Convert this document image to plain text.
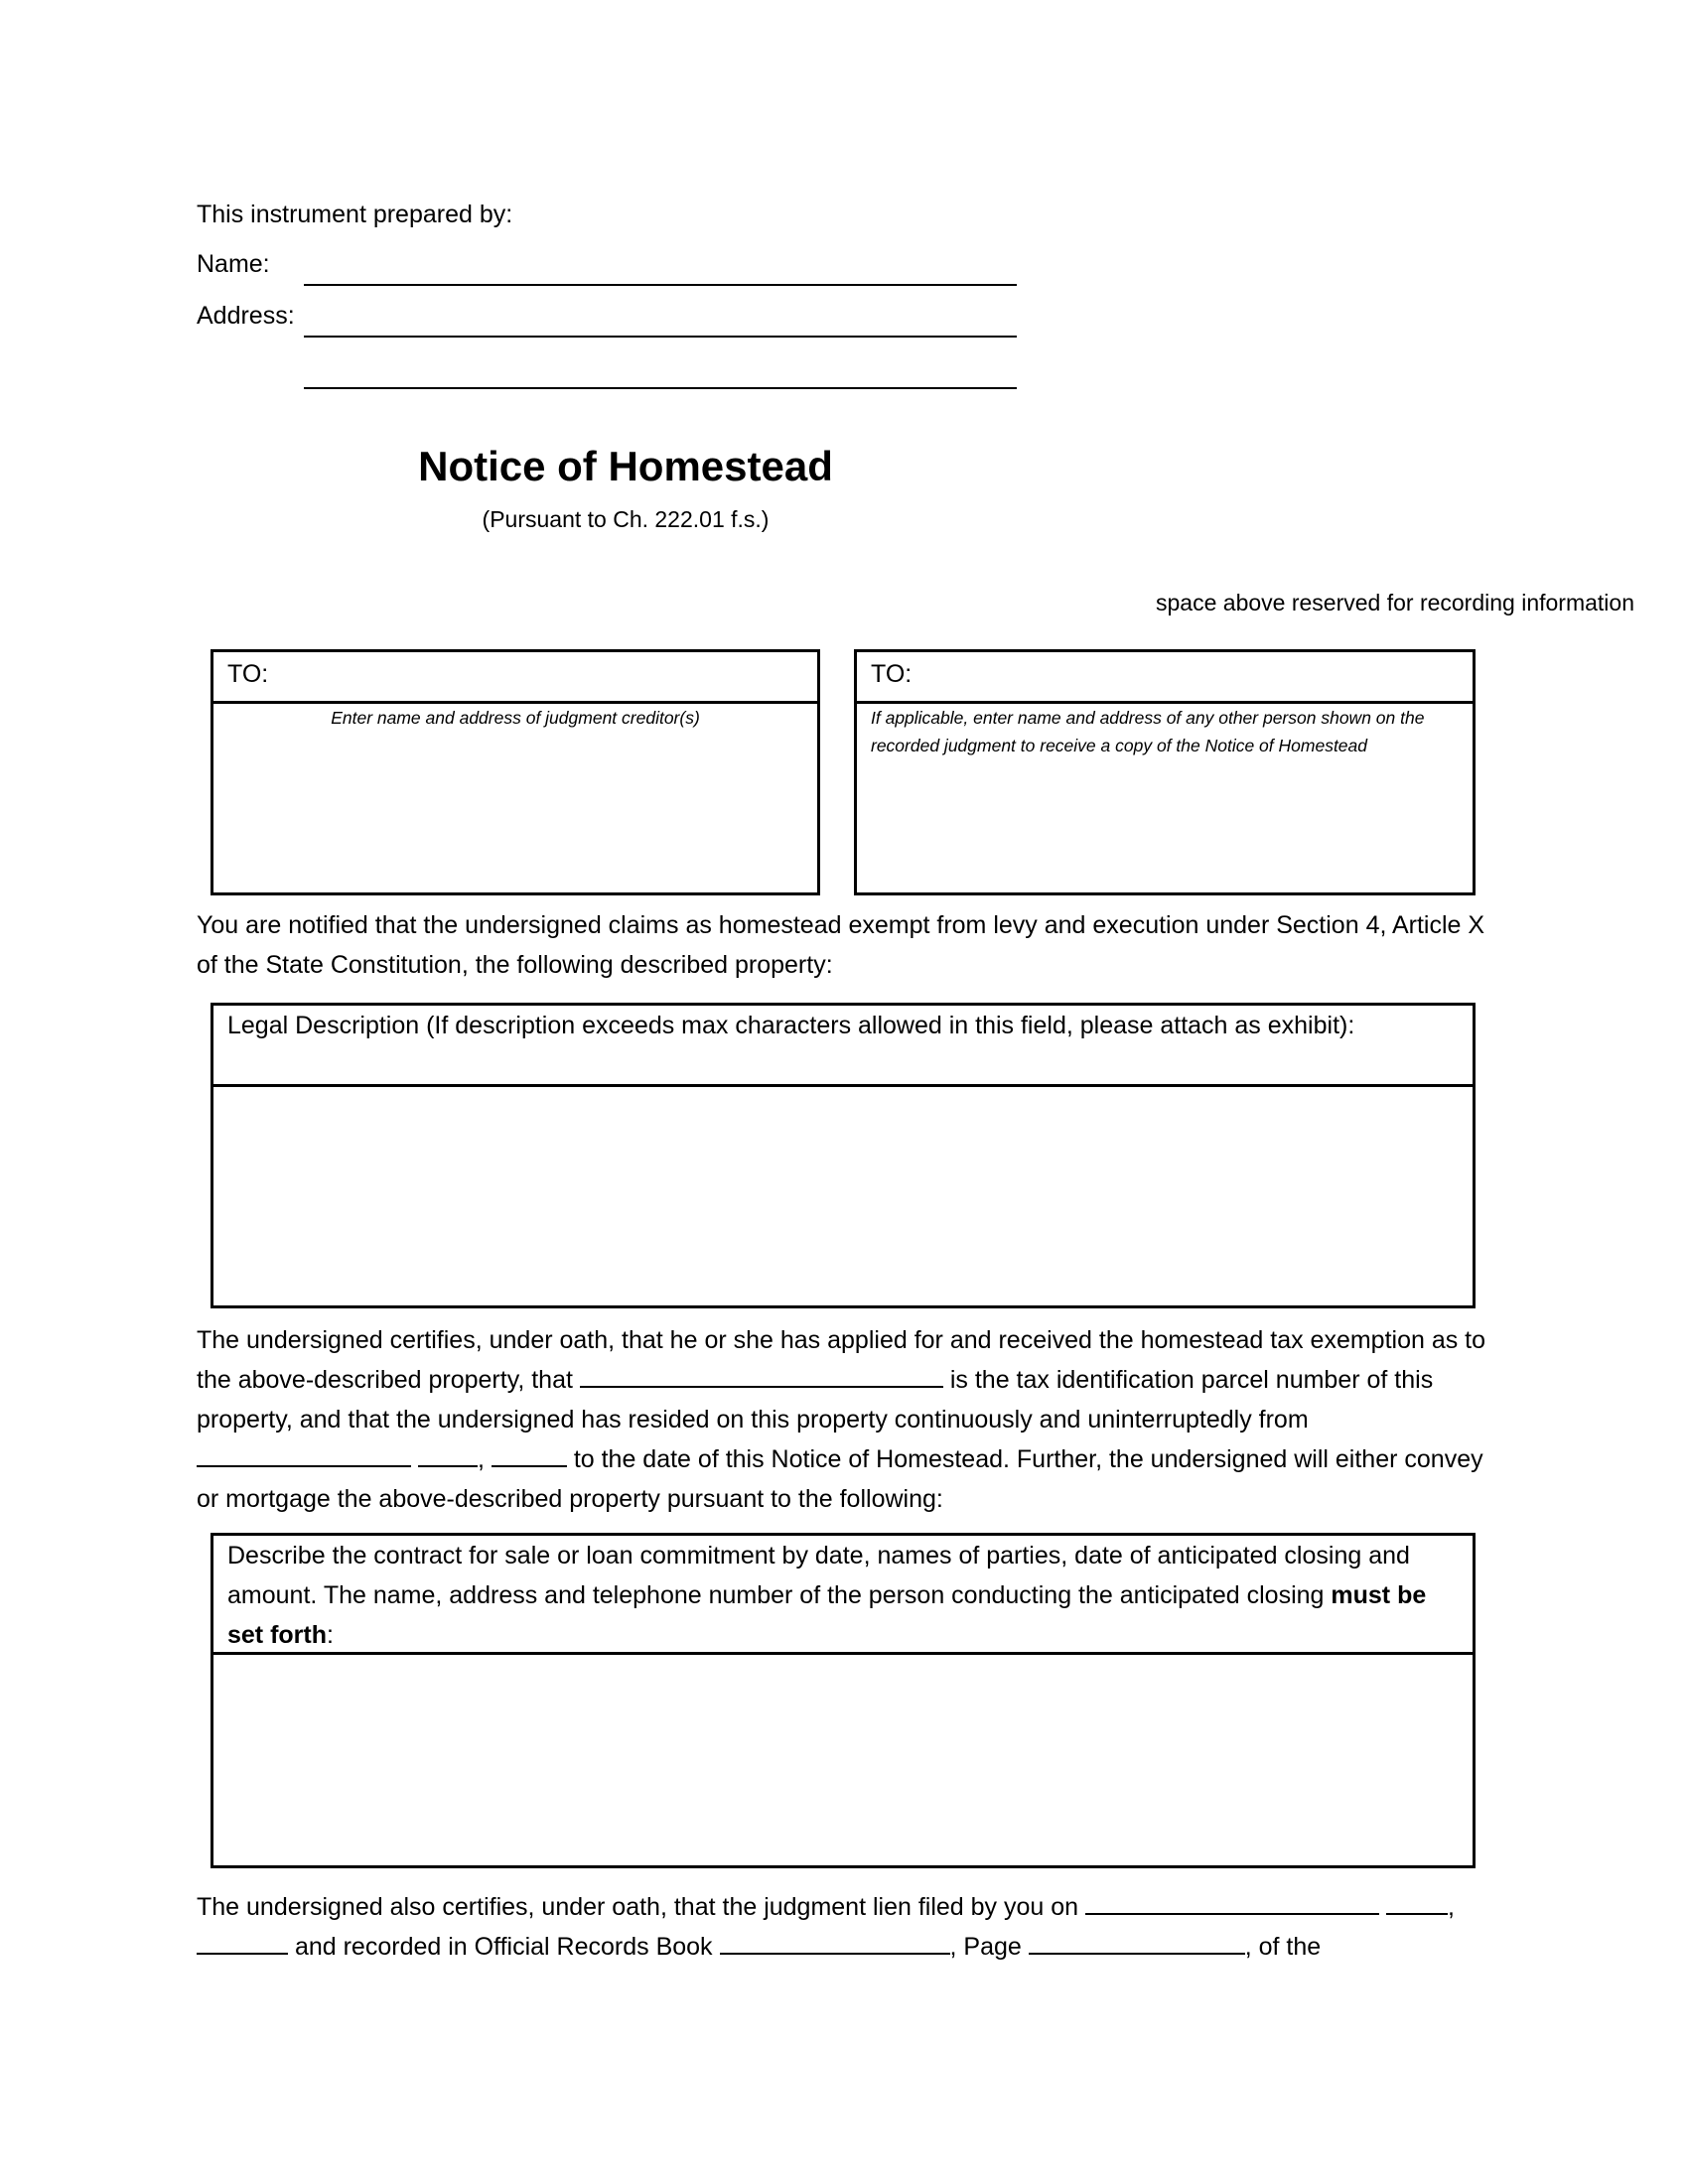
This instrument prepared by:
Name:
Address:
Notice of Homestead
(Pursuant to Ch. 222.01 f.s.)
space above reserved for recording information
TO:
Enter name and address of judgment creditor(s)
TO:
If applicable, enter name and address of any other person shown on the recorded judgment to receive a copy of the Notice of Homestead
You are notified that the undersigned claims as homestead exempt from levy and execution under Section 4, Article X of the State Constitution, the following described property:
Legal Description (If description exceeds max characters allowed in this field, please attach as exhibit):
The undersigned certifies, under oath, that he or she has applied for and received the homestead tax exemption as to the above-described property, that	is the tax identification parcel number of this property, and that the undersigned has resided on this property continuously and uninterruptedly from  ,	to the date of this Notice of Homestead. Further, the undersigned will either convey or mortgage the above-described property pursuant to the following:
Describe the contract for sale or loan commitment by date, names of parties, date of anticipated closing and amount. The name, address and telephone number of the person conducting the anticipated closing must be set forth:
The undersigned also certifies, under oath, that the judgment lien filed by you on	,  and recorded in Official Records Book	, Page	, of the
